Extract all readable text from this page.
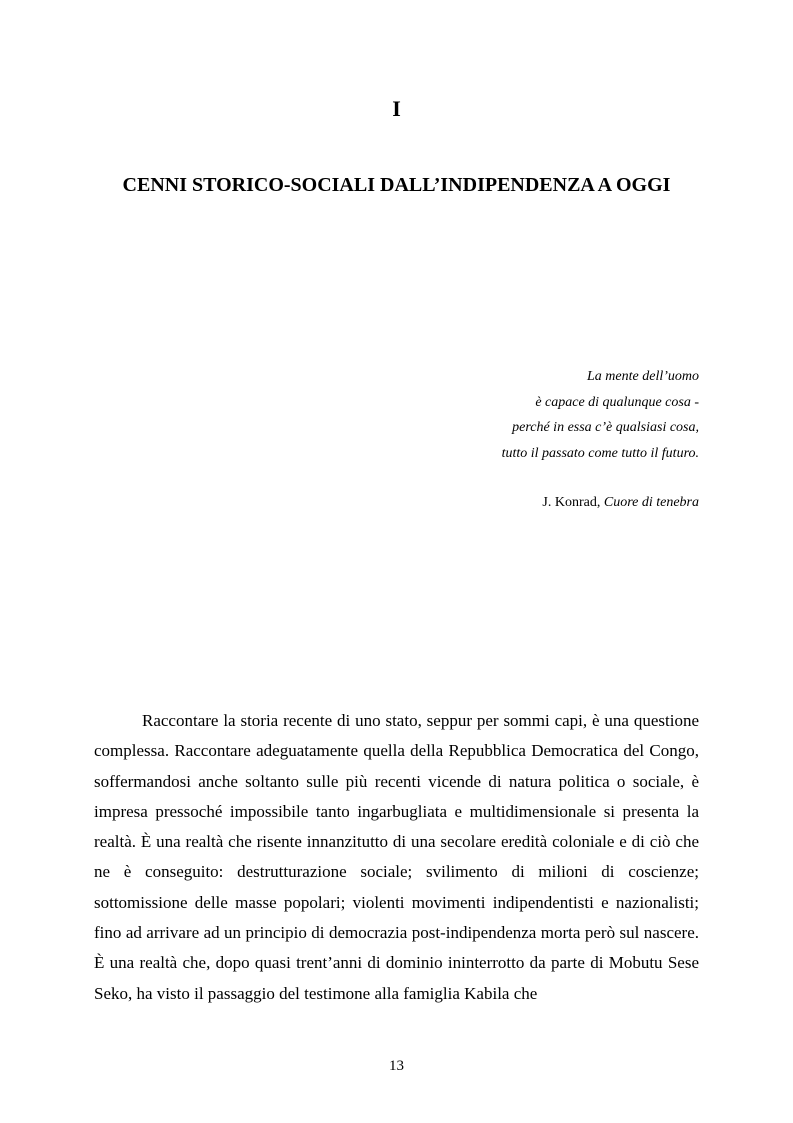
I
CENNI STORICO-SOCIALI DALL’INDIPENDENZA A OGGI
La mente dell’uomo
è capace di qualunque cosa -
perché in essa c’è qualsiasi cosa,
tutto il passato come tutto il futuro.
J. Konrad, Cuore di tenebra

Raccontare la storia recente di uno stato, seppur per sommi capi, è una questione complessa. Raccontare adeguatamente quella della Repubblica Democratica del Congo, soffermandosi anche soltanto sulle più recenti vicende di natura politica o sociale, è impresa pressoché impossibile tanto ingarbugliata e multidimensionale si presenta la realtà. È una realtà che risente innanzitutto di una secolare eredità coloniale e di ciò che ne è conseguito: destrutturazione sociale; svilimento di milioni di coscienze; sottomissione delle masse popolari; violenti movimenti indipendentisti e nazionalisti; fino ad arrivare ad un principio di democrazia post-indipendenza morta però sul nascere. È una realtà che, dopo quasi trent’anni di dominio ininterrotto da parte di Mobutu Sese Seko, ha visto il passaggio del testimone alla famiglia Kabila che

13
